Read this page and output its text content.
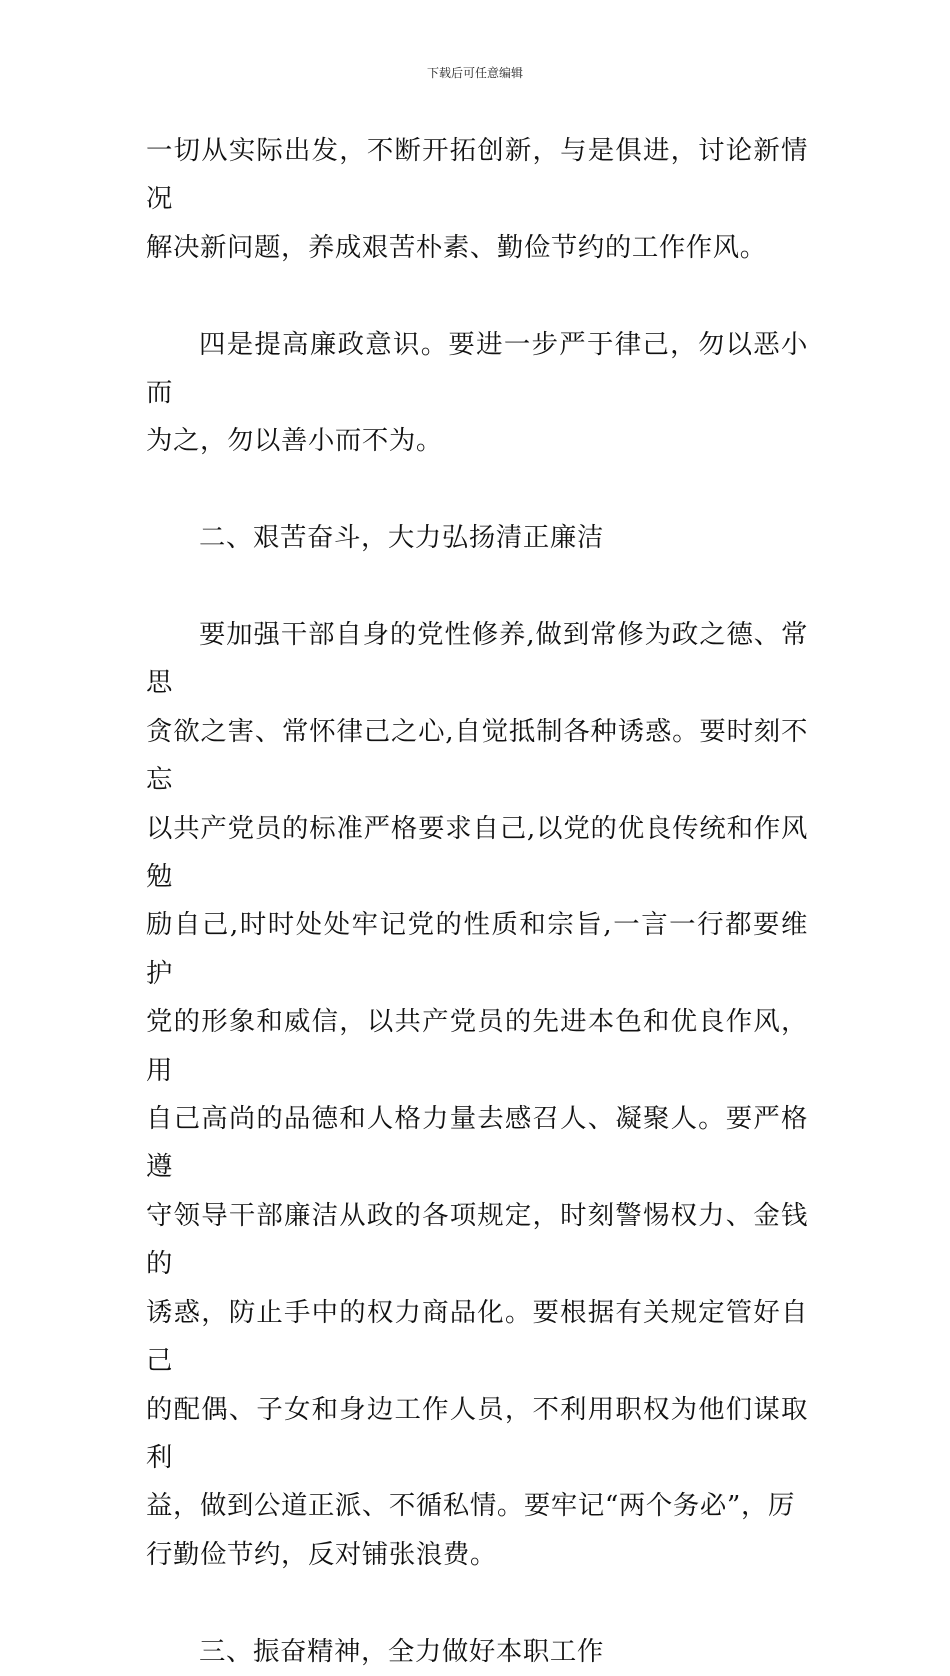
下载后可任意编辑
一切从实际出发，不断开拓创新，与是俱进，讨论新情况
解决新问题，养成艰苦朴素、勤俭节约的工作作风。
四是提高廉政意识。要进一步严于律己，勿以恶小而
为之，勿以善小而不为。
二、艰苦奋斗，大力弘扬清正廉洁
要加强干部自身的党性修养,做到常修为政之德、常思
贪欲之害、常怀律己之心,自觉抵制各种诱惑。要时刻不忘
以共产党员的标准严格要求自己,以党的优良传统和作风勉
励自己,时时处处牢记党的性质和宗旨,一言一行都要维护
党的形象和威信，以共产党员的先进本色和优良作风，用
自己高尚的品德和人格力量去感召人、凝聚人。要严格遵
守领导干部廉洁从政的各项规定，时刻警惕权力、金钱的
诱惑，防止手中的权力商品化。要根据有关规定管好自己
的配偶、子女和身边工作人员，不利用职权为他们谋取利
益，做到公道正派、不循私情。要牢记“两个务必”，厉
行勤俭节约，反对铺张浪费。
三、振奋精神，全力做好本职工作
